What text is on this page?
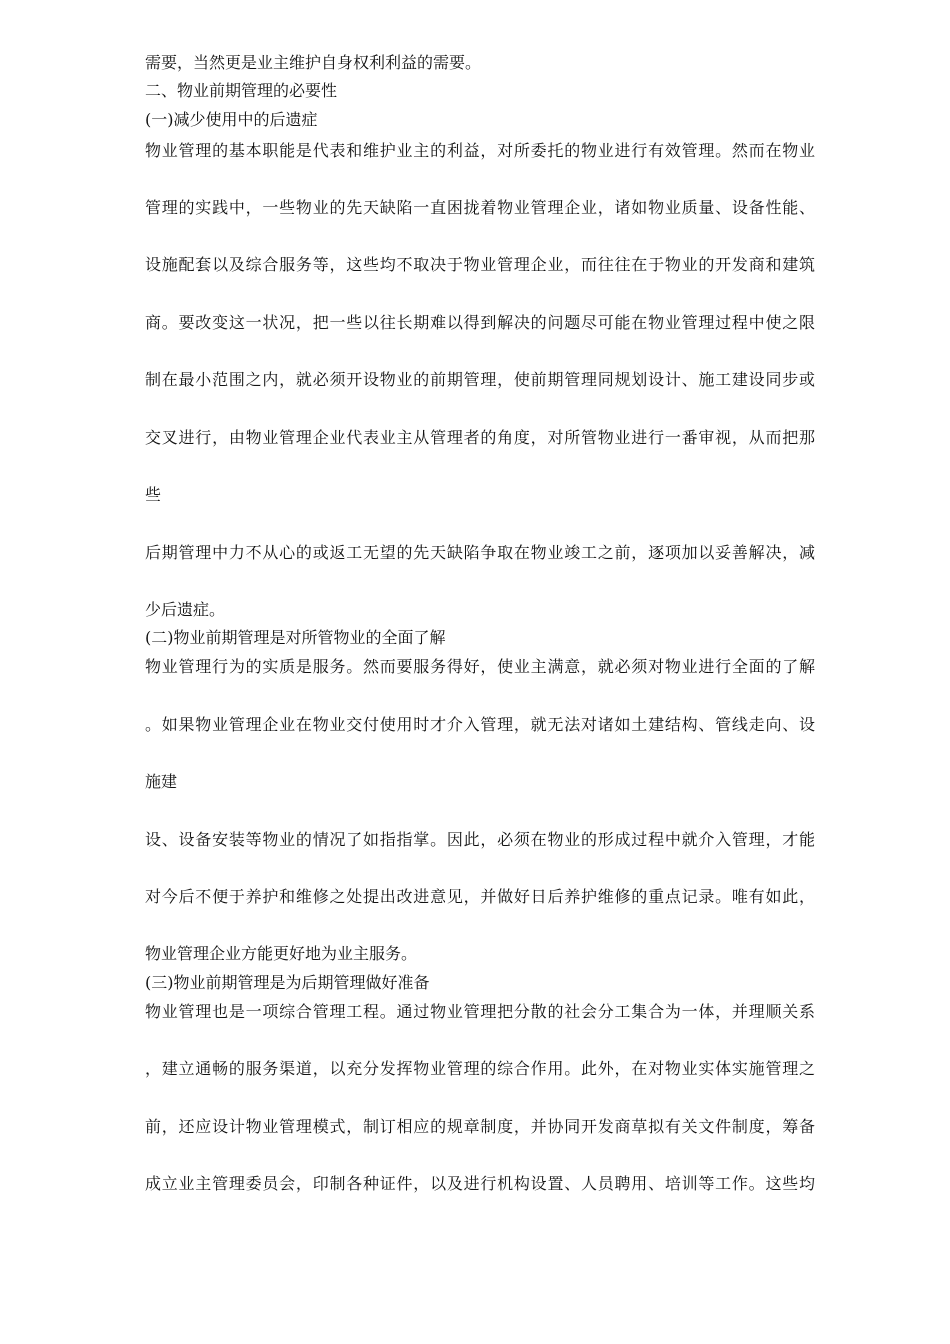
需要，当然更是业主维护自身权利利益的需要。
二、物业前期管理的必要性
(一)减少使用中的后遗症
物业管理的基本职能是代表和维护业主的利益，对所委托的物业进行有效管理。然而在物业
管理的实践中，一些物业的先天缺陷一直困拢着物业管理企业，诸如物业质量、设备性能、
设施配套以及综合服务等，这些均不取决于物业管理企业，而往往在于物业的开发商和建筑
商。要改变这一状况，把一些以往长期难以得到解决的问题尽可能在物业管理过程中使之限
制在最小范围之内，就必须开设物业的前期管理，使前期管理同规划设计、施工建设同步或
交叉进行，由物业管理企业代表业主从管理者的角度，对所管物业进行一番审视，从而把那
些
后期管理中力不从心的或返工无望的先天缺陷争取在物业竣工之前，逐项加以妥善解决，减
少后遗症。
(二)物业前期管理是对所管物业的全面了解
物业管理行为的实质是服务。然而要服务得好，使业主满意，就必须对物业进行全面的了解
。如果物业管理企业在物业交付使用时才介入管理，就无法对诸如土建结构、管线走向、设
施建
设、设备安装等物业的情况了如指指掌。因此，必须在物业的形成过程中就介入管理，才能
对今后不便于养护和维修之处提出改进意见，并做好日后养护维修的重点记录。唯有如此，
物业管理企业方能更好地为业主服务。
(三)物业前期管理是为后期管理做好准备
物业管理也是一项综合管理工程。通过物业管理把分散的社会分工集合为一体，并理顺关系
，建立通畅的服务渠道，以充分发挥物业管理的综合作用。此外，在对物业实体实施管理之
前，还应设计物业管理模式，制订相应的规章制度，并协同开发商草拟有关文件制度，筹备
成立业主管理委员会，印制各种证件，以及进行机构设置、人员聘用、培训等工作。这些均
